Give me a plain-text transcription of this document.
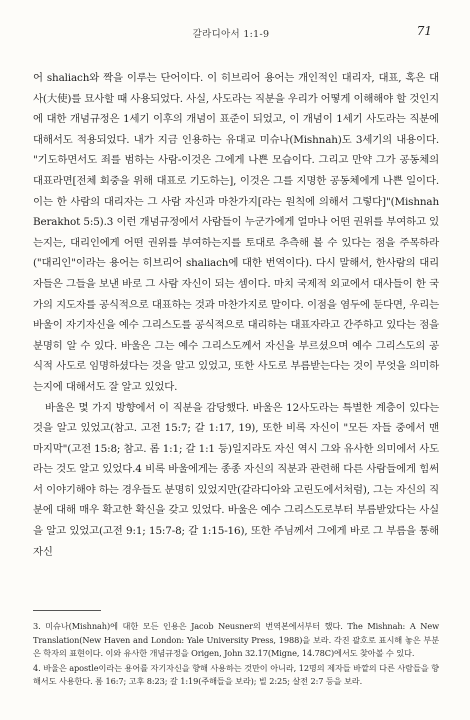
갈라디아서 1:1-9	71

어 shaliach와 짝을 이루는 단어이다. 이 히브리어 용어는 개인적인 대리자, 대표, 혹은 대사(大使)를 묘사할 때 사용되었다. 사실, 사도라는 직분을 우리가 어떻게 이해해야 할 것인지에 대한 개념규정은 1세기 이후의 개념이 표준이 되었고, 이 개념이 1세기 사도라는 직분에 대해서도 적용되었다. 내가 지금 인용하는 유대교 미슈나(Mishnah)도 3세기의 내용이다. "기도하면서도 죄를 범하는 사람-이것은 그에게 나쁜 모습이다. 그리고 만약 그가 공동체의 대표라면[전체 회중을 위해 대표로 기도하는], 이것은 그를 지명한 공동체에게 나쁜 일이다. 이는 한 사람의 대리자는 그 사람 자신과 마찬가지[라는 원칙에 의해서 그렇다]"(Mishnah Berakhot 5:5).3 이런 개념규정에서 사람들이 누군가에게 얼마나 어떤 권위를 부여하고 있는지는, 대리인에게 어떤 권위를 부여하는지를 토대로 추측해 볼 수 있다는 점을 주목하라("대리인"이라는 용어는 히브리어 shaliach에 대한 번역이다). 다시 말해서, 한사람의 대리자들은 그들을 보낸 바로 그 사람 자신이 되는 셈이다. 마치 국제적 외교에서 대사들이 한 국가의 지도자를 공식적으로 대표하는 것과 마찬가지로 말이다. 이점을 염두에 둔다면, 우리는 바울이 자기자신을 예수 그리스도를 공식적으로 대리하는 대표자라고 간주하고 있다는 점을 분명히 알 수 있다. 바울은 그는 예수 그리스도께서 자신을 부르셨으며 예수 그리스도의 공식적 사도로 임명하셨다는 것을 알고 있었고, 또한 사도로 부름받는다는 것이 무엇을 의미하는지에 대해서도 잘 알고 있었다.

바울은 몇 가지 방향에서 이 직분을 감당했다. 바울은 12사도라는 특별한 계층이 있다는 것을 알고 있었고(참고. 고전 15:7; 갈 1:17, 19), 또한 비록 자신이 "모든 자들 중에서 맨 마지막"(고전 15:8; 참고. 롬 1:1; 갈 1:1 등)일지라도 자신 역시 그와 유사한 의미에서 사도라는 것도 알고 있었다.4 비록 바울에게는 종종 자신의 직분과 관련해 다른 사람들에게 힘써서 이야기해야 하는 경우들도 분명히 있었지만(갈라디아와 고린도에서처럼), 그는 자신의 직분에 대해 매우 확고한 확신을 갖고 있었다. 바울은 예수 그리스도로부터 부름받았다는 사실을 알고 있었고(고전 9:1; 15:7-8; 갈 1:15-16), 또한 주님께서 그에게 바로 그 부름을 통해 자신

3. 미슈나(Mishnah)에 대한 모든 인용은 Jacob Neusner의 번역본에서부터 했다. The Mishnah: A New Translation(New Haven and London: Yale University Press, 1988)을 보라. 각진 괄호로 표시해 놓은 부분은 학자의 표현이다. 이와 유사한 개념규정을 Origen, John 32.17(Migne, 14.78C)에서도 찾아볼 수 있다.

4. 바울은 apostle이라는 용어를 자기자신을 향해 사용하는 것만이 아니라, 12명의 제자들 바깥의 다른 사람들을 향해서도 사용한다. 롬 16:7; 고후 8:23; 갈 1:19(주해들을 보라); 빌 2:25; 살전 2:7 등을 보라.
